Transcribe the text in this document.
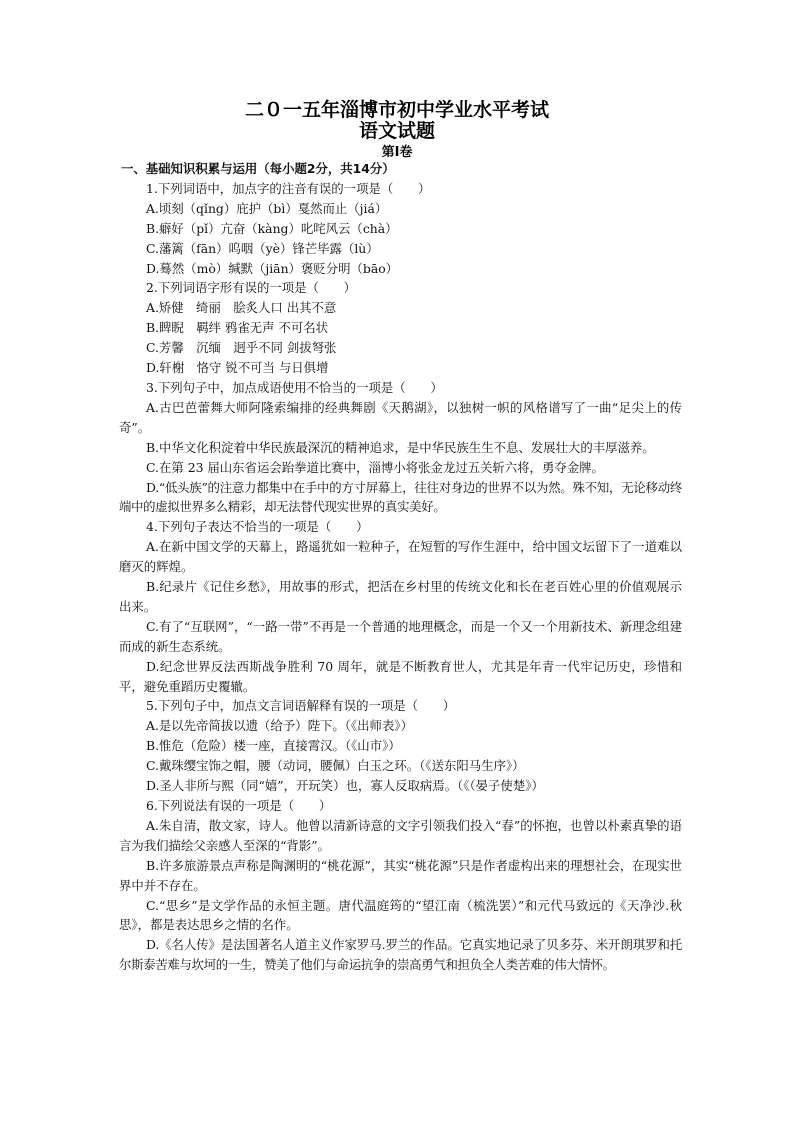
二０一五年淄博市初中学业水平考试
语文试题
第Ⅰ卷

一、基础知识积累与运用（每小题2分，共14分）

1.下列词语中，加点字的注音有误的一项是（　　）

A.顷刻（qǐng）庇护（bì）戛然而止（jiá）

B.癖好（pǐ）亢奋（kàng）叱咤风云（chà）

C.藩篱（fān）呜咽（yè）锋芒毕露（lù）

D.蓦然（mò）缄默（jiān）褒贬分明（bāo）

2.下列词语字形有误的一项是（　　）

A.矫健　绮丽　脍炙人口 出其不意

B.睥睨　羁绊 鸦雀无声 不可名状

C.芳馨　沉缅　迥乎不同 剑拔弩张

D.轩榭　恪守 锐不可当 与日俱增

3.下列句子中，加点成语使用不恰当的一项是（　　）

A.古巴芭蕾舞大师阿隆索编排的经典舞剧《天鹅湖》，以独树一帜的风格谱写了一曲“足尖上的传奇”。

B.中华文化积淀着中华民族最深沉的精神追求，是中华民族生生不息、发展壮大的丰厚滋养。

C.在第 23 届山东省运会跆拳道比赛中，淄博小将张金龙过五关斩六将，勇夺金牌。

D.“低头族”的注意力都集中在手中的方寸屏幕上，往往对身边的世界不以为然。殊不知，无论移动终端中的虚拟世界多么精彩，却无法替代现实世界的真实美好。

4.下列句子表达不恰当的一项是（　　）

A.在新中国文学的天幕上，路遥犹如一粒种子，在短暂的写作生涯中，给中国文坛留下了一道难以磨灭的辉煌。

B.纪录片《记住乡愁》，用故事的形式，把活在乡村里的传统文化和长在老百姓心里的价值观展示出来。

C.有了“互联网”，“一路一带”不再是一个普通的地理概念，而是一个又一个用新技术、新理念组建而成的新生态系统。

D.纪念世界反法西斯战争胜利 70 周年，就是不断教育世人，尤其是年青一代牢记历史，珍惜和平，避免重蹈历史覆辙。

5.下列句子中，加点文言词语解释有误的一项是（　　）

A.是以先帝简拔以遗（给予）陛下。（《出师表》）

B.惟危（危险）楼一座，直接霄汉。（《山市》）

C.戴珠缨宝饰之帽，腰（动词，腰佩）白玉之环。（《送东阳马生序》）

D.圣人非所与熙（同“嬉”，开玩笑）也，寡人反取病焉。（《（晏子使楚》）

6.下列说法有误的一项是（　　）

A.朱自清，散文家，诗人。他曾以清新诗意的文字引领我们投入“春”的怀抱，也曾以朴素真挚的语言为我们描绘父亲感人至深的“背影”。

B.许多旅游景点声称是陶渊明的“桃花源”，其实“桃花源”只是作者虚构出来的理想社会，在现实世界中并不存在。

C.“思乡”是文学作品的永恒主题。唐代温庭筠的“望江南（梳洗罢）”和元代马致远的《天净沙.秋思》，都是表达思乡之情的名作。

D.《名人传》是法国著名人道主义作家罗马.罗兰的作品。它真实地记录了贝多芬、米开朗琪罗和托尔斯泰苦难与坎坷的一生，赞美了他们与命运抗争的崇高勇气和担负全人类苦难的伟大情怀。
